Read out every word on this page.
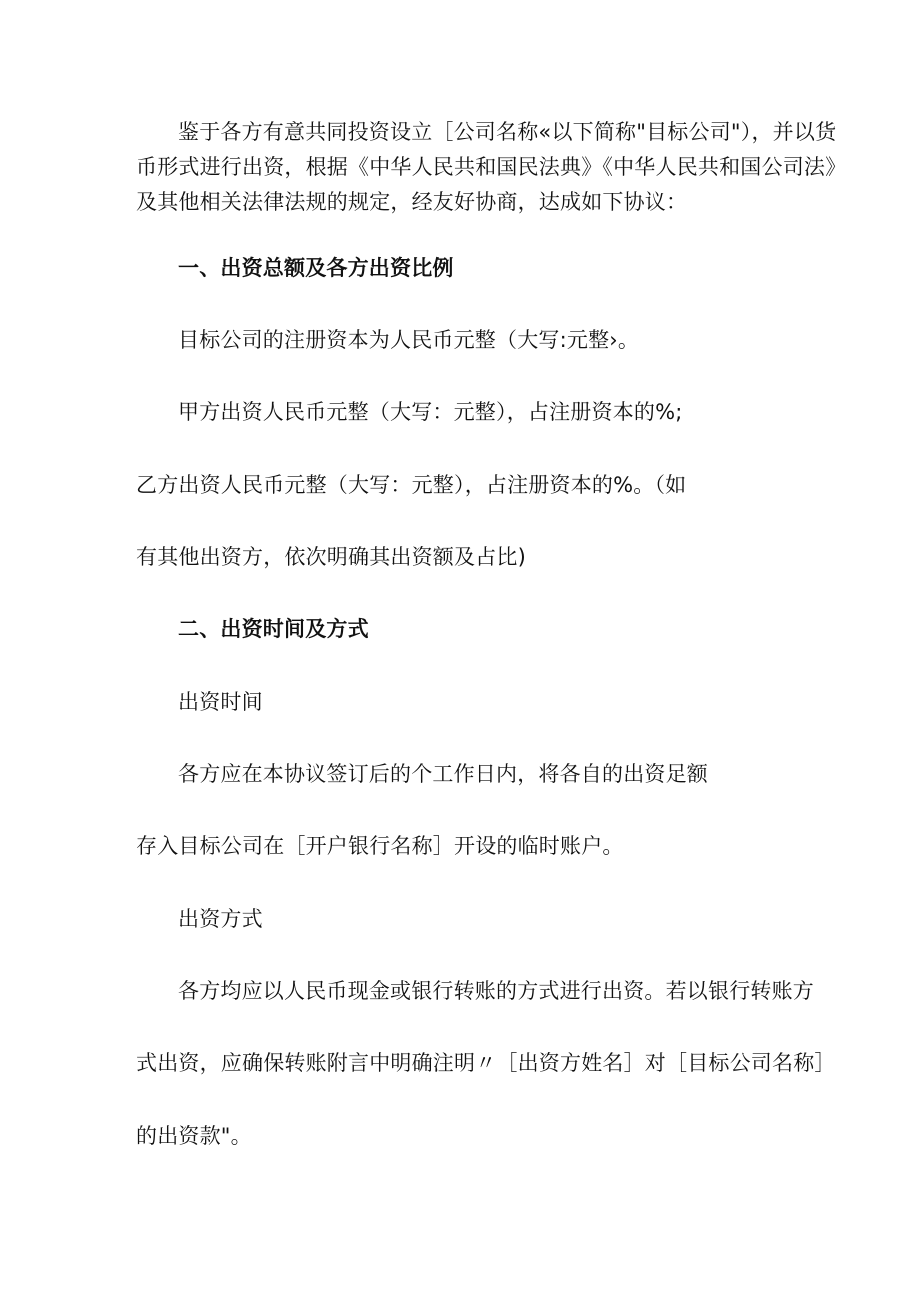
鉴于各方有意共同投资设立［公司名称«以下简称"目标公司"），并以货
币形式进行出资，根据《中华人民共和国民法典》《中华人民共和国公司法》
及其他相关法律法规的规定，经友好协商，达成如下协议：
一、出资总额及各方出资比例
目标公司的注册资本为人民币元整（大写:元整›。
甲方出资人民币元整（大写：元整），占注册资本的%;
乙方出资人民币元整（大写：元整），占注册资本的%。（如
有其他出资方，依次明确其出资额及占比)
二、出资时间及方式
出资时间
各方应在本协议签订后的个工作日内，将各自的出资足额
存入目标公司在［开户银行名称］开设的临时账户。
出资方式
各方均应以人民币现金或银行转账的方式进行出资。若以银行转账方
式出资，应确保转账附言中明确注明〃［出资方姓名］对［目标公司名称］
的出资款"。
